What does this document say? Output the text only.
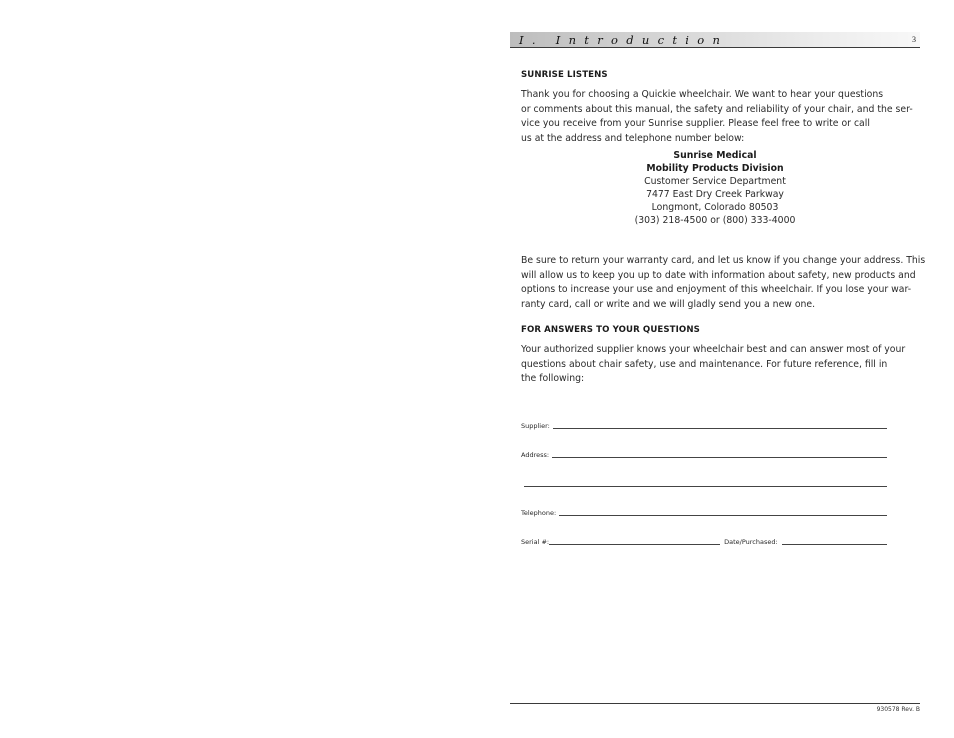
I. Introduction	3
SUNRISE LISTENS
Thank you for choosing a Quickie wheelchair. We want to hear your questions
or comments about this manual, the safety and reliability of your chair, and the ser-
vice you receive from your Sunrise supplier. Please feel free to write or call
us at the address and telephone number below:
Sunrise Medical
Mobility Products Division
Customer Service Department
7477 East Dry Creek Parkway
Longmont, Colorado 80503
(303) 218-4500 or (800) 333-4000
Be sure to return your warranty card, and let us know if you change your address. This
will allow us to keep you up to date with information about safety, new products and
options to increase your use and enjoyment of this wheelchair. If you lose your war-
ranty card, call or write and we will gladly send you a new one.
FOR ANSWERS TO YOUR QUESTIONS
Your authorized supplier knows your wheelchair best and can answer most of your
questions about chair safety, use and maintenance. For future reference, fill in
the following:
Supplier:
Address:
Telephone:
Serial #:	Date/Purchased:
930578 Rev. B
